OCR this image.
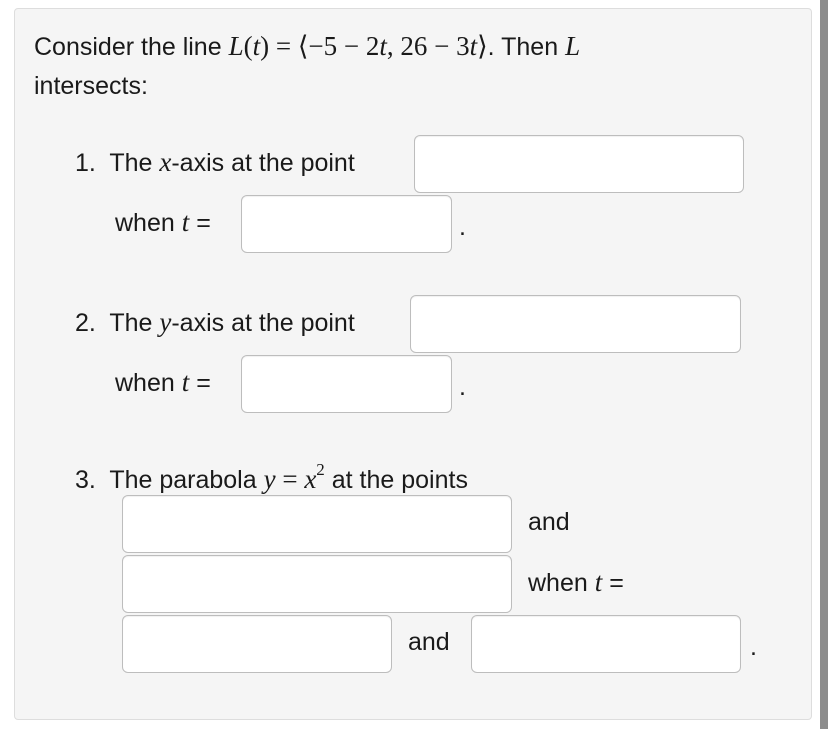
Consider the line L(t) = ⟨−5 − 2t, 26 − 3t⟩. Then L
intersects:
1. The x-axis at the point
when t =	.
2. The y-axis at the point
when t =	.
3. The parabola $y = x^2$ at the points
and
when t =
and	.
